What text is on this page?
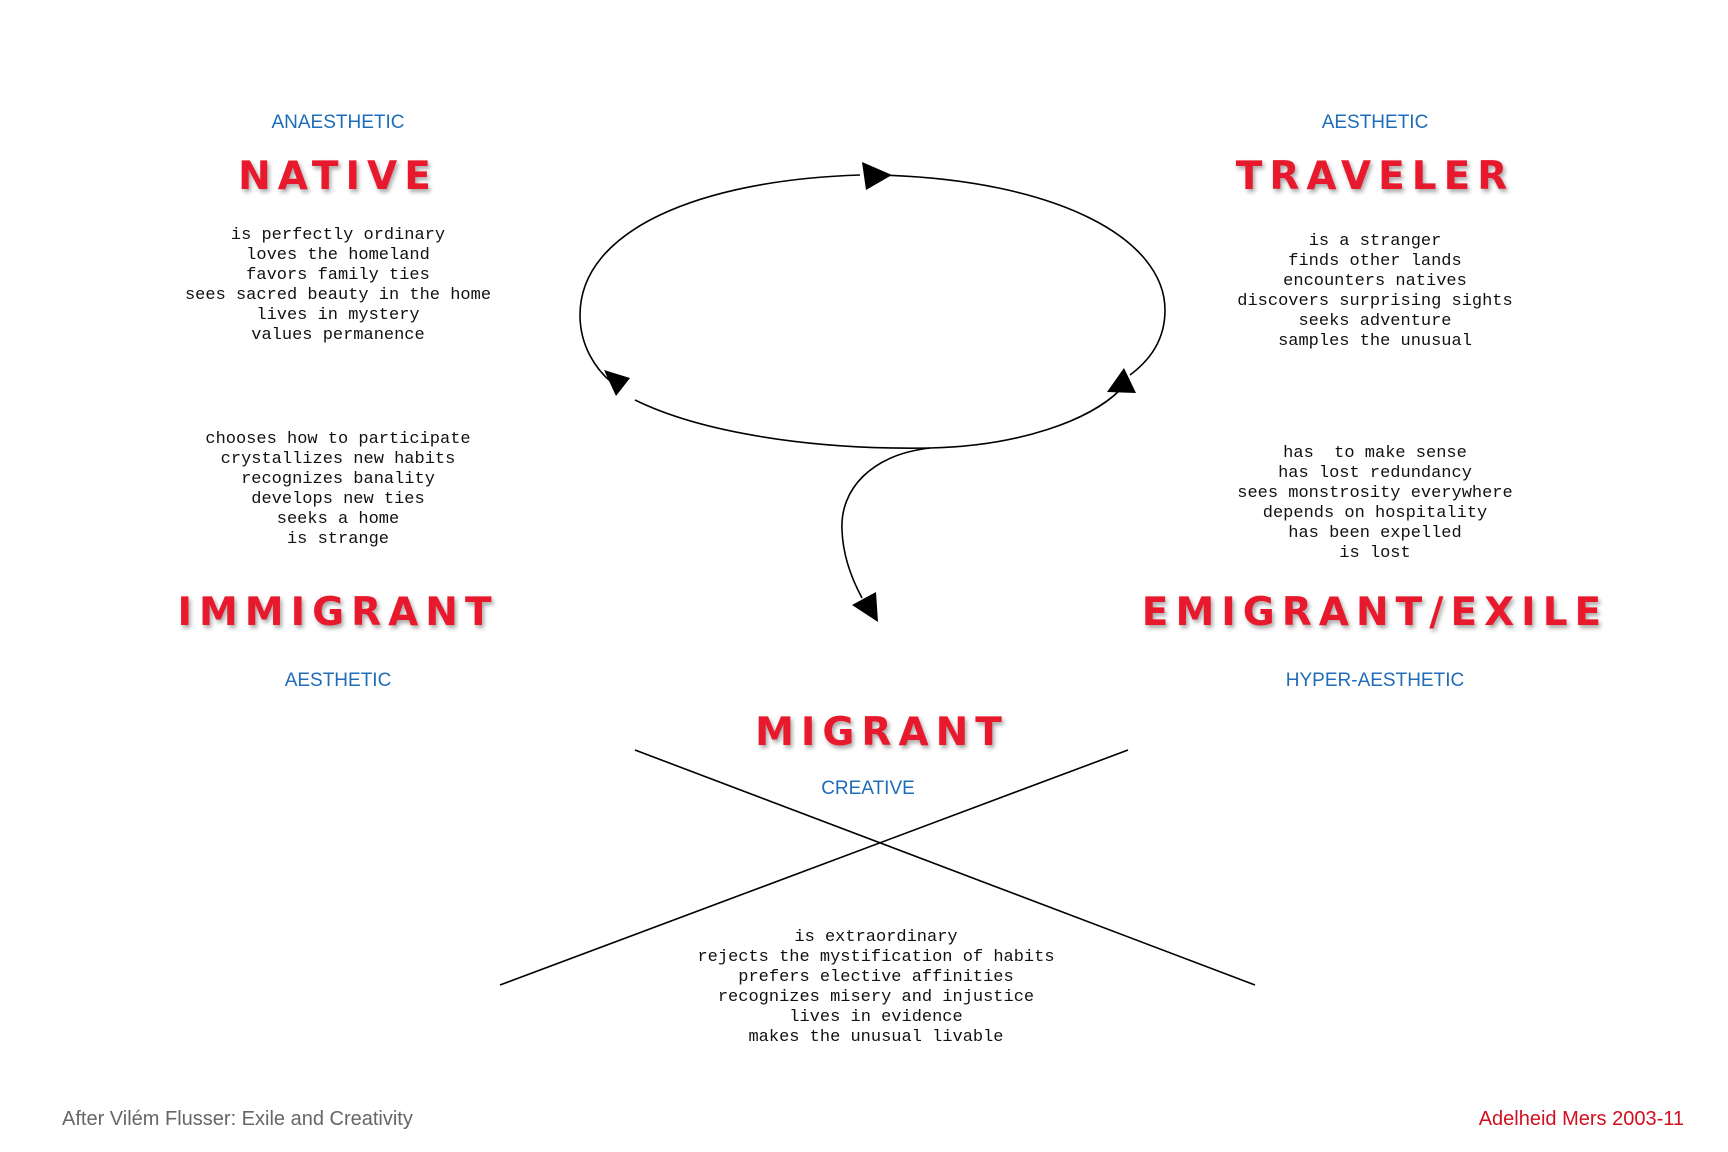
ANAESTHETIC
NATIVE
is perfectly ordinary
loves the homeland
favors family ties
sees sacred beauty in the home
lives in mystery
values permanence
AESTHETIC
TRAVELER
is a stranger
finds other lands
encounters natives
discovers surprising sights
seeks adventure
samples the unusual
chooses how to participate
crystallizes new habits
recognizes banality
develops new ties
seeks a home
is strange
IMMIGRANT
AESTHETIC
has  to make sense
has lost redundancy
sees monstrosity everywhere
depends on hospitality
has been expelled
is lost
EMIGRANT/EXILE
HYPER-AESTHETIC
MIGRANT
CREATIVE
is extraordinary
rejects the mystification of habits
prefers elective affinities
recognizes misery and injustice
lives in evidence
makes the unusual livable
After Vilém Flusser: Exile and Creativity	Adelheid Mers 2003-11
